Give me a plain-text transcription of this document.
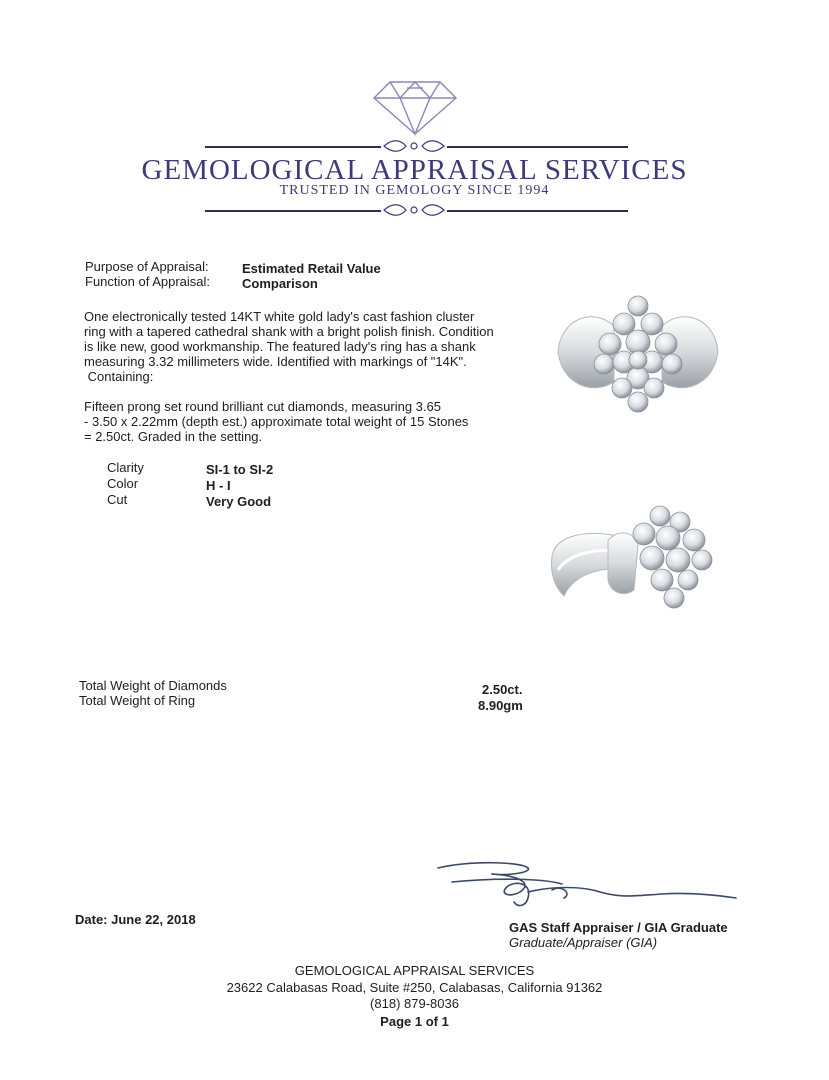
GEMOLOGICAL APPRAISAL SERVICES
TRUSTED IN GEMOLOGY SINCE 1994
Purpose of Appraisal:	Estimated Retail Value
Function of Appraisal: Comparison
One electronically tested 14KT white gold lady's cast fashion cluster
ring with a tapered cathedral shank with a bright polish finish. Condition
is like new, good workmanship. The featured lady's ring has a shank
measuring 3.32 millimeters wide. Identified with markings of "14K".
Containing:
Fifteen prong set round brilliant cut diamonds, measuring 3.65
- 3.50 x 2.22mm (depth est.) approximate total weight of 15 Stones
= 2.50ct. Graded in the setting.
Clarity	SI-1 to SI-2
Color	H - I
Cut	Very Good
Total Weight of Diamonds	2.50ct.
Total Weight of Ring	8.90gm
Date: June 22, 2018
GAS Staff Appraiser / GIA Graduate
Graduate/Appraiser (GIA)
GEMOLOGICAL APPRAISAL SERVICES
23622 Calabasas Road, Suite #250, Calabasas, California 91362
(818) 879-8036
Page 1 of 1
